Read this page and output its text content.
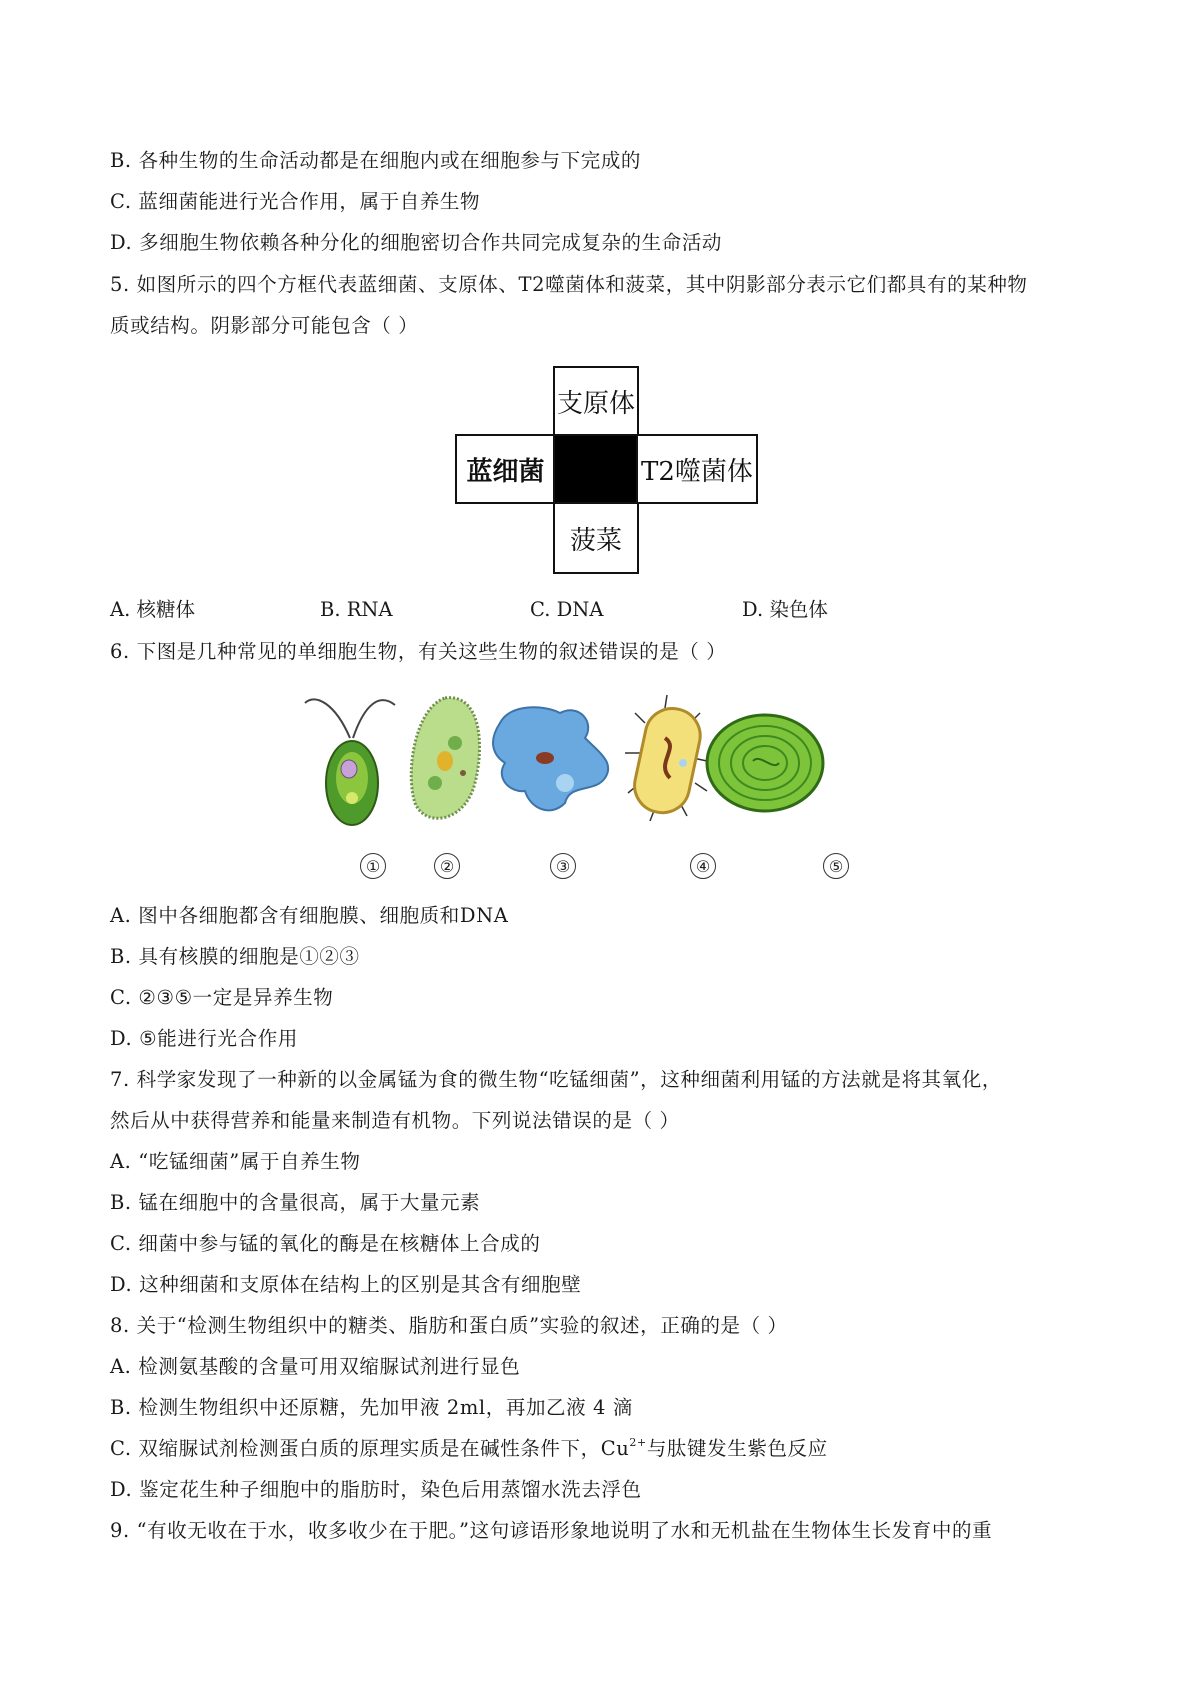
B. 各种生物的生命活动都是在细胞内或在细胞参与下完成的
C. 蓝细菌能进行光合作用，属于自养生物
D. 多细胞生物依赖各种分化的细胞密切合作共同完成复杂的生命活动
5. 如图所示的四个方框代表蓝细菌、支原体、T2噬菌体和菠菜，其中阴影部分表示它们都具有的某种物
质或结构。阴影部分可能包含（ ）
支原体
蓝细菌	T2噬菌体
菠菜
A. 核糖体	B. RNA	C. DNA	D. 染色体
6. 下图是几种常见的单细胞生物，有关这些生物的叙述错误的是（ ）
①	②	③	④	⑤
A. 图中各细胞都含有细胞膜、细胞质和DNA
B. 具有核膜的细胞是①②③
C. ②③⑤一定是异养生物
D. ⑤能进行光合作用
7. 科学家发现了一种新的以金属锰为食的微生物“吃锰细菌”，这种细菌利用锰的方法就是将其氧化，
然后从中获得营养和能量来制造有机物。下列说法错误的是（ ）
A. “吃锰细菌”属于自养生物
B. 锰在细胞中的含量很高，属于大量元素
C. 细菌中参与锰的氧化的酶是在核糖体上合成的
D. 这种细菌和支原体在结构上的区别是其含有细胞壁
8. 关于“检测生物组织中的糖类、脂肪和蛋白质”实验的叙述，正确的是（ ）
A. 检测氨基酸的含量可用双缩脲试剂进行显色
B. 检测生物组织中还原糖，先加甲液 2ml，再加乙液 4 滴
C. 双缩脲试剂检测蛋白质的原理实质是在碱性条件下，$Cu^{2+}$与肽键发生紫色反应
D. 鉴定花生种子细胞中的脂肪时，染色后用蒸馏水洗去浮色
9. “有收无收在于水，收多收少在于肥。”这句谚语形象地说明了水和无机盐在生物体生长发育中的重
